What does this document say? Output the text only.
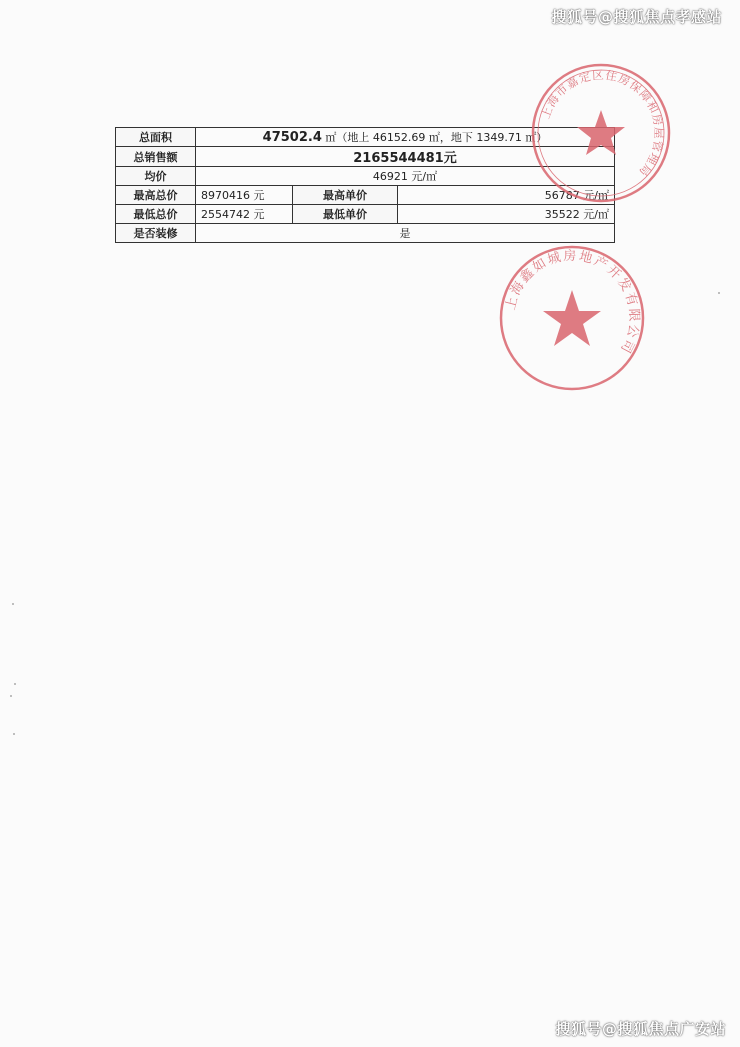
搜狐号@搜狐焦点孝感站
总面积	47502.4 ㎡（地上 46152.69 ㎡，地下 1349.71 ㎡）		
总销售额	2165544481元		
均价	46921 元/㎡		
最高总价	8970416 元	最高单价	56787 元/㎡
最低总价	2554742 元	最低单价	35522 元/㎡
是否装修	是		
上海市嘉定区住房保障和房屋管理局
上海鑫如城房地产开发有限公司
搜狐号@搜狐焦点广安站
